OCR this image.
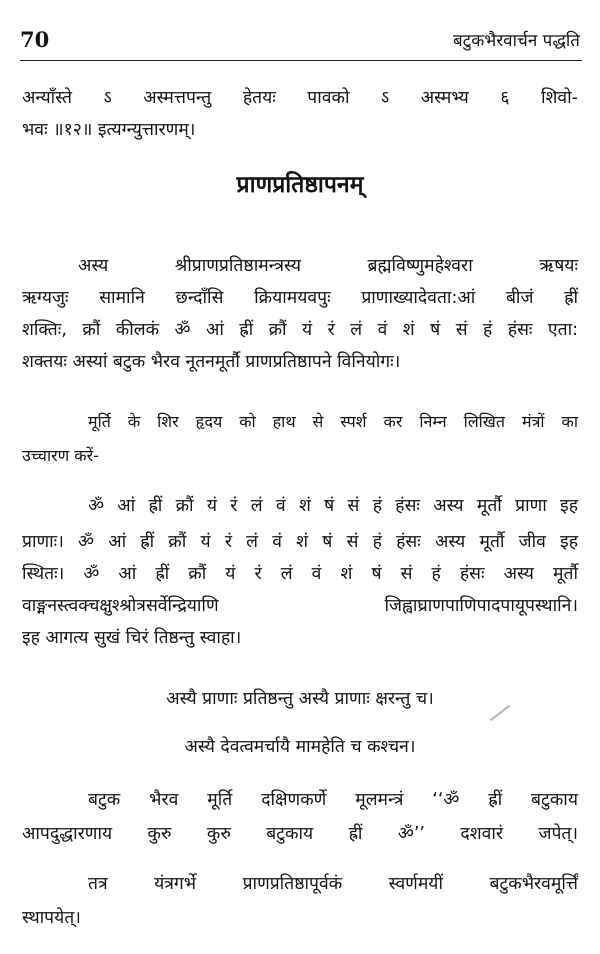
70	बटुकभैरवार्चन पद्धति
अन्याँस्ते ऽ अस्मत्तपन्तु हेतयः पावको ऽ अस्मभ्य ६ शिवो-
भवः ॥१२॥ इत्यग्न्युत्तारणम्।
प्राणप्रतिष्ठापनम्
अस्य श्रीप्राणप्रतिष्ठामन्त्रस्य ब्रह्मविष्णुमहेश्वरा ऋषयः
ऋग्यजुः सामानि छन्दाँसि क्रियामयवपुः प्राणाख्यादेवता:आं बीजं ह्रीं
शक्तिः, क्रौं कीलकं ॐ आं ह्रीं क्रौं यं रं लं वं शं षं सं हं हंसः एता:
शक्तयः अस्यां बटुक भैरव नूतनमूर्तौ प्राणप्रतिष्ठापने विनियोगः।
मूर्ति के शिर हृदय को हाथ से स्पर्श कर निम्न लिखित मंत्रों का
उच्चारण करें-
ॐ आं ह्रीं क्रौं यं रं लं वं शं षं सं हं हंसः अस्य मूर्तौ प्राणा इह
प्राणाः। ॐ आं ह्रीं क्रौं यं रं लं वं शं षं सं हं हंसः अस्य मूर्तौ जीव इह
स्थितः। ॐ आं ह्रीं क्रौं यं रं लं वं शं षं सं हं हंसः अस्य मूर्तौ
वाङ्मनस्त्वक्चक्षुश्श्रोत्रसर्वेन्द्रियाणि जिह्वाघ्राणपाणिपादपायूपस्थानि।
इह आगत्य सुखं चिरं तिष्ठन्तु स्वाहा।
अस्यै प्राणाः प्रतिष्ठन्तु अस्यै प्राणाः क्षरन्तु च।
अस्यै देवत्वमर्चायै मामहेति च कश्चन।
बटुक भैरव मूर्ति दक्षिणकर्णे मूलमन्त्रं ‘‘ॐ ह्रीं बटुकाय
आपदुद्धारणाय कुरु कुरु बटुकाय ह्रीं ॐ’’ दशवारं जपेत्।
तत्र यंत्रगर्भे प्राणप्रतिष्ठापूर्वकं स्वर्णमयीं बटुकभैरवमूर्त्तिं
स्थापयेत्।
